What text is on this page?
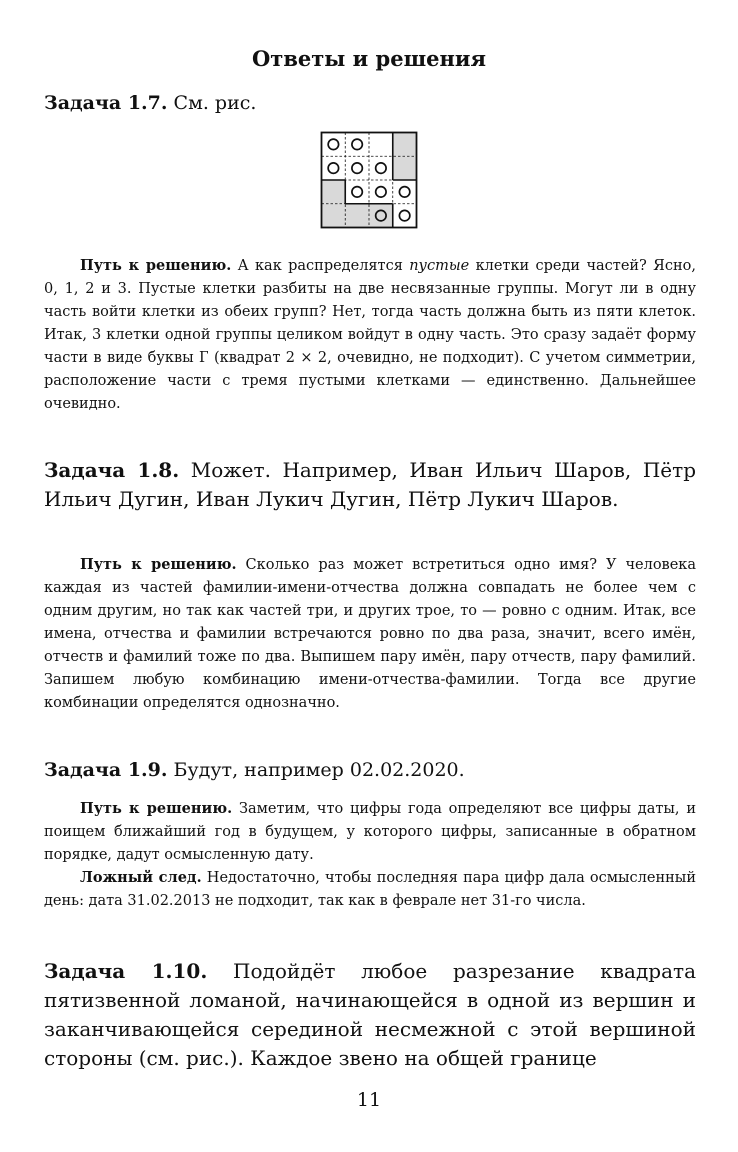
Ответы и решения

Задача 1.7. См. рис.

Путь к решению. А как распределятся пустые клетки среди частей? Ясно, 0, 1, 2 и 3. Пустые клетки разбиты на две несвязанные группы. Могут ли в одну часть войти клетки из обеих групп? Нет, тогда часть должна быть из пяти клеток. Итак, 3 клетки одной группы целиком войдут в одну часть. Это сразу задаёт форму части в виде буквы Г (квадрат 2 × 2, очевидно, не подходит). С учетом симметрии, расположение части с тремя пустыми клетками — единственно. Дальнейшее очевидно.

Задача 1.8. Может. Например, Иван Ильич Шаров, Пётр Ильич Дугин, Иван Лукич Дугин, Пётр Лукич Шаров.

Путь к решению. Сколько раз может встретиться одно имя? У человека каждая из частей фамилии-имени-отчества должна совпадать не более чем с одним другим, но так как частей три, и других трое, то — ровно с одним. Итак, все имена, отчества и фамилии встречаются ровно по два раза, значит, всего имён, отчеств и фамилий тоже по два. Выпишем пару имён, пару отчеств, пару фамилий. Запишем любую комбинацию имени-отчества-фамилии. Тогда все другие комбинации определятся однозначно.

Задача 1.9. Будут, например 02.02.2020.

Путь к решению. Заметим, что цифры года определяют все цифры даты, и поищем ближайший год в будущем, у которого цифры, записанные в обратном порядке, дадут осмысленную дату.

Ложный след. Недостаточно, чтобы последняя пара цифр дала осмысленный день: дата 31.02.2013 не подходит, так как в феврале нет 31-го числа.

Задача 1.10. Подойдёт любое разрезание квадрата пятизвенной ломаной, начинающейся в одной из вершин и заканчивающейся серединой несмежной с этой вершиной стороны (см. рис.). Каждое звено на общей границе

11
